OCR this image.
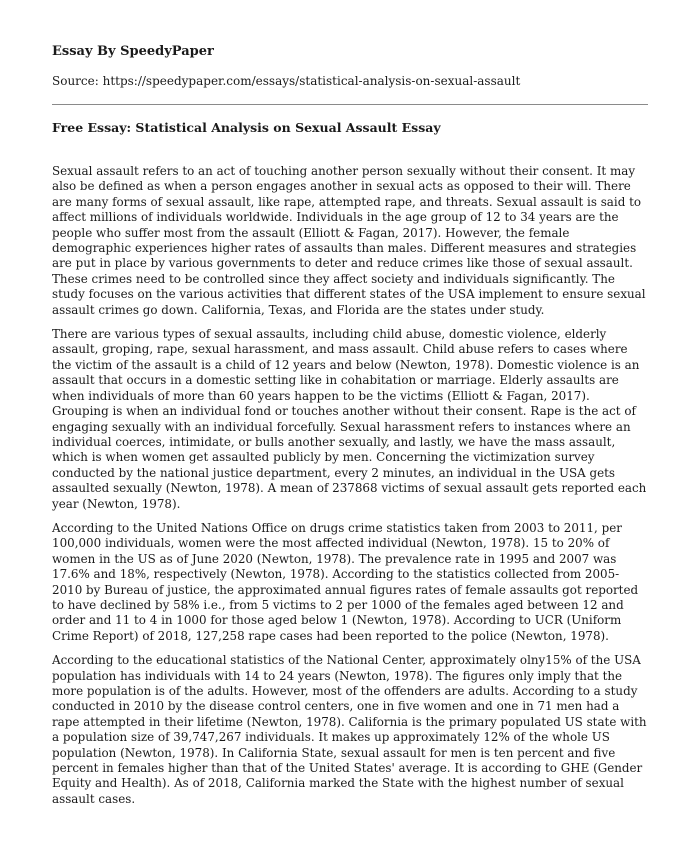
Essay By SpeedyPaper
Source: https://speedypaper.com/essays/statistical-analysis-on-sexual-assault
Free Essay: Statistical Analysis on Sexual Assault Essay

Sexual assault refers to an act of touching another person sexually without their consent. It may also be defined as when a person engages another in sexual acts as opposed to their will. There are many forms of sexual assault, like rape, attempted rape, and threats. Sexual assault is said to affect millions of individuals worldwide. Individuals in the age group of 12 to 34 years are the people who suffer most from the assault (Elliott & Fagan, 2017). However, the female demographic experiences higher rates of assaults than males. Different measures and strategies are put in place by various governments to deter and reduce crimes like those of sexual assault. These crimes need to be controlled since they affect society and individuals significantly. The study focuses on the various activities that different states of the USA implement to ensure sexual assault crimes go down. California, Texas, and Florida are the states under study.

There are various types of sexual assaults, including child abuse, domestic violence, elderly assault, groping, rape, sexual harassment, and mass assault. Child abuse refers to cases where the victim of the assault is a child of 12 years and below (Newton, 1978). Domestic violence is an assault that occurs in a domestic setting like in cohabitation or marriage. Elderly assaults are when individuals of more than 60 years happen to be the victims (Elliott & Fagan, 2017). Grouping is when an individual fond or touches another without their consent. Rape is the act of engaging sexually with an individual forcefully. Sexual harassment refers to instances where an individual coerces, intimidate, or bulls another sexually, and lastly, we have the mass assault, which is when women get assaulted publicly by men. Concerning the victimization survey conducted by the national justice department, every 2 minutes, an individual in the USA gets assaulted sexually (Newton, 1978). A mean of 237868 victims of sexual assault gets reported each year (Newton, 1978).

According to the United Nations Office on drugs crime statistics taken from 2003 to 2011, per 100,000 individuals, women were the most affected individual (Newton, 1978). 15 to 20% of women in the US as of June 2020 (Newton, 1978). The prevalence rate in 1995 and 2007 was 17.6% and 18%, respectively (Newton, 1978). According to the statistics collected from 2005-2010 by Bureau of justice, the approximated annual figures rates of female assaults got reported to have declined by 58% i.e., from 5 victims to 2 per 1000 of the females aged between 12 and order and 11 to 4 in 1000 for those aged below 1 (Newton, 1978). According to UCR (Uniform Crime Report) of 2018, 127,258 rape cases had been reported to the police (Newton, 1978).

According to the educational statistics of the National Center, approximately olny15% of the USA population has individuals with 14 to 24 years (Newton, 1978). The figures only imply that the more population is of the adults. However, most of the offenders are adults. According to a study conducted in 2010 by the disease control centers, one in five women and one in 71 men had a rape attempted in their lifetime (Newton, 1978). California is the primary populated US state with a population size of 39,747,267 individuals. It makes up approximately 12% of the whole US population (Newton, 1978). In California State, sexual assault for men is ten percent and five percent in females higher than that of the United States' average. It is according to GHE (Gender Equity and Health). As of 2018, California marked the State with the highest number of sexual assault cases.
